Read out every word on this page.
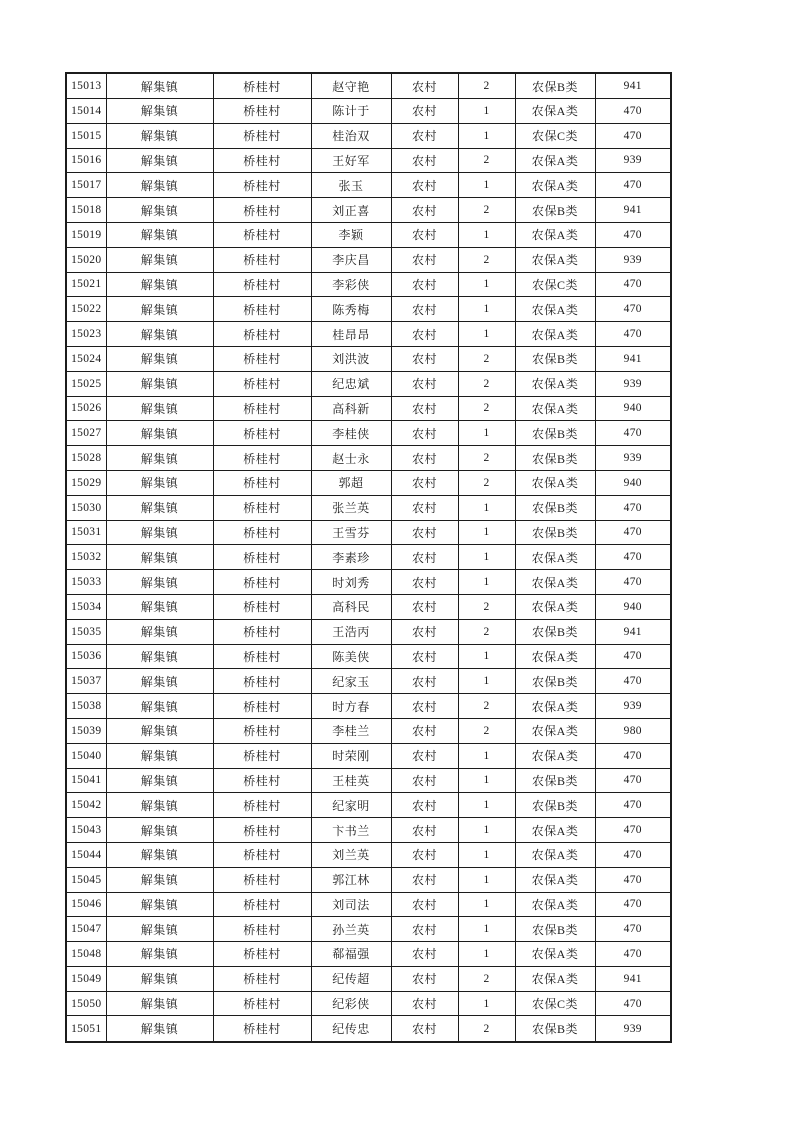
15013	解集镇	桥桂村	赵守艳	农村	2	农保B类	941
15014	解集镇	桥桂村	陈计于	农村	1	农保A类	470
15015	解集镇	桥桂村	桂治双	农村	1	农保C类	470
15016	解集镇	桥桂村	王好军	农村	2	农保A类	939
15017	解集镇	桥桂村	张玉	农村	1	农保A类	470
15018	解集镇	桥桂村	刘正喜	农村	2	农保B类	941
15019	解集镇	桥桂村	李颖	农村	1	农保A类	470
15020	解集镇	桥桂村	李庆昌	农村	2	农保A类	939
15021	解集镇	桥桂村	李彩侠	农村	1	农保C类	470
15022	解集镇	桥桂村	陈秀梅	农村	1	农保A类	470
15023	解集镇	桥桂村	桂昂昂	农村	1	农保A类	470
15024	解集镇	桥桂村	刘洪波	农村	2	农保B类	941
15025	解集镇	桥桂村	纪忠斌	农村	2	农保A类	939
15026	解集镇	桥桂村	高科新	农村	2	农保A类	940
15027	解集镇	桥桂村	李桂侠	农村	1	农保B类	470
15028	解集镇	桥桂村	赵士永	农村	2	农保B类	939
15029	解集镇	桥桂村	郭超	农村	2	农保A类	940
15030	解集镇	桥桂村	张兰英	农村	1	农保B类	470
15031	解集镇	桥桂村	王雪芬	农村	1	农保B类	470
15032	解集镇	桥桂村	李素珍	农村	1	农保A类	470
15033	解集镇	桥桂村	时刘秀	农村	1	农保A类	470
15034	解集镇	桥桂村	高科民	农村	2	农保A类	940
15035	解集镇	桥桂村	王浩丙	农村	2	农保B类	941
15036	解集镇	桥桂村	陈美侠	农村	1	农保A类	470
15037	解集镇	桥桂村	纪家玉	农村	1	农保B类	470
15038	解集镇	桥桂村	时方春	农村	2	农保A类	939
15039	解集镇	桥桂村	李桂兰	农村	2	农保A类	980
15040	解集镇	桥桂村	时荣刚	农村	1	农保A类	470
15041	解集镇	桥桂村	王桂英	农村	1	农保B类	470
15042	解集镇	桥桂村	纪家明	农村	1	农保B类	470
15043	解集镇	桥桂村	卞书兰	农村	1	农保A类	470
15044	解集镇	桥桂村	刘兰英	农村	1	农保A类	470
15045	解集镇	桥桂村	郭江林	农村	1	农保A类	470
15046	解集镇	桥桂村	刘司法	农村	1	农保A类	470
15047	解集镇	桥桂村	孙兰英	农村	1	农保B类	470
15048	解集镇	桥桂村	郗福强	农村	1	农保A类	470
15049	解集镇	桥桂村	纪传超	农村	2	农保A类	941
15050	解集镇	桥桂村	纪彩侠	农村	1	农保C类	470
15051	解集镇	桥桂村	纪传忠	农村	2	农保B类	939
